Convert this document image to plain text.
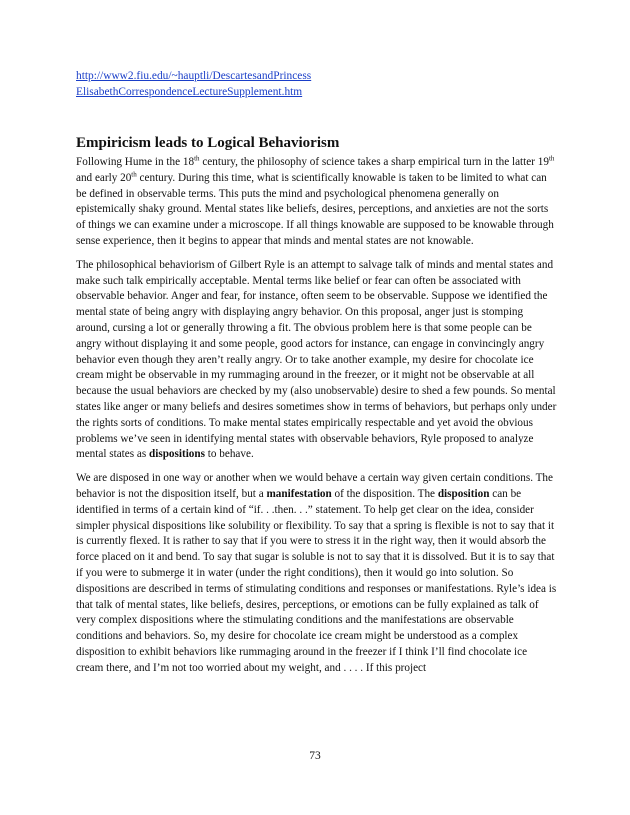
http://www2.fiu.edu/~hauptli/DescartesandPrincess
ElisabethCorrespondenceLectureSupplement.htm
Empiricism leads to Logical Behaviorism

Following Hume in the 18th century, the philosophy of science takes a sharp empirical turn in the latter 19th and early 20th century. During this time, what is scientifically knowable is taken to be limited to what can be defined in observable terms. This puts the mind and psychological phenomena generally on epistemically shaky ground. Mental states like beliefs, desires, perceptions, and anxieties are not the sorts of things we can examine under a microscope. If all things knowable are supposed to be knowable through sense experience, then it begins to appear that minds and mental states are not knowable.

The philosophical behaviorism of Gilbert Ryle is an attempt to salvage talk of minds and mental states and make such talk empirically acceptable. Mental terms like belief or fear can often be associated with observable behavior. Anger and fear, for instance, often seem to be observable. Suppose we identified the mental state of being angry with displaying angry behavior. On this proposal, anger just is stomping around, cursing a lot or generally throwing a fit. The obvious problem here is that some people can be angry without displaying it and some people, good actors for instance, can engage in convincingly angry behavior even though they aren’t really angry. Or to take another example, my desire for chocolate ice cream might be observable in my rummaging around in the freezer, or it might not be observable at all because the usual behaviors are checked by my (also unobservable) desire to shed a few pounds. So mental states like anger or many beliefs and desires sometimes show in terms of behaviors, but perhaps only under the rights sorts of conditions. To make mental states empirically respectable and yet avoid the obvious problems we’ve seen in identifying mental states with observable behaviors, Ryle proposed to analyze mental states as dispositions to behave.

We are disposed in one way or another when we would behave a certain way given certain conditions. The behavior is not the disposition itself, but a manifestation of the disposition. The disposition can be identified in terms of a certain kind of “if. . .then. . .” statement. To help get clear on the idea, consider simpler physical dispositions like solubility or flexibility. To say that a spring is flexible is not to say that it is currently flexed. It is rather to say that if you were to stress it in the right way, then it would absorb the force placed on it and bend. To say that sugar is soluble is not to say that it is dissolved. But it is to say that if you were to submerge it in water (under the right conditions), then it would go into solution. So dispositions are described in terms of stimulating conditions and responses or manifestations. Ryle’s idea is that talk of mental states, like beliefs, desires, perceptions, or emotions can be fully explained as talk of very complex dispositions where the stimulating conditions and the manifestations are observable conditions and behaviors. So, my desire for chocolate ice cream might be understood as a complex disposition to exhibit behaviors like rummaging around in the freezer if I think I’ll find chocolate ice cream there, and I’m not too worried about my weight, and . . . . If this project

73
